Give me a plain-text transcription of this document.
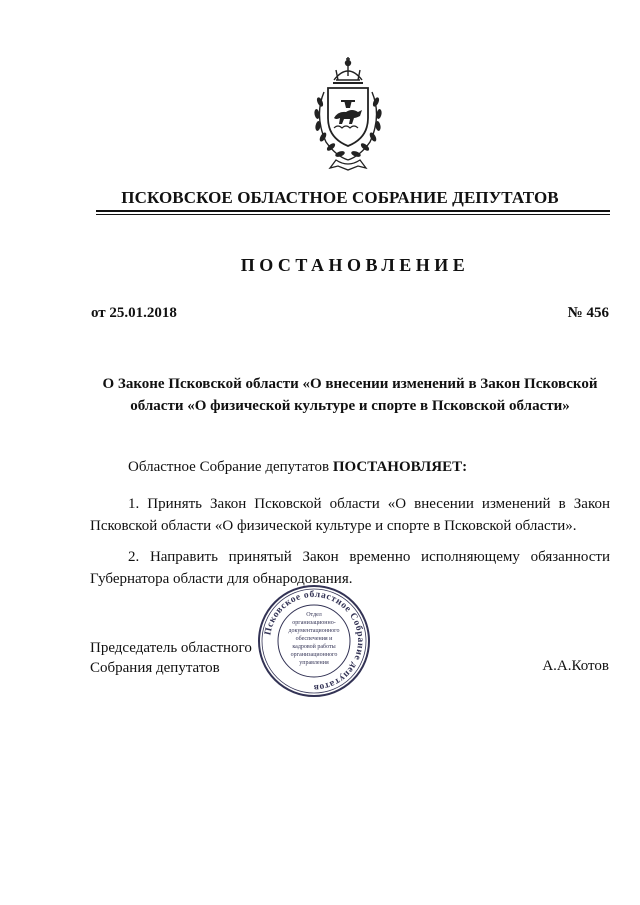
ПСКОВСКОЕ ОБЛАСТНОЕ СОБРАНИЕ ДЕПУТАТОВ
ПОСТАНОВЛЕНИЕ
от 25.01.2018	№ 456
О Законе Псковской области «О внесении изменений в Закон Псковской
области «О физической культуре и спорте в Псковской области»
Областное Собрание депутатов ПОСТАНОВЛЯЕТ:
1. Принять Закон Псковской области «О внесении изменений в Закон Псковской области «О физической культуре и спорте в Псковской области».
2. Направить принятый Закон временно исполняющему обязанности Губернатора области для обнародования.
Председатель областного
Собрания депутатов	А.А.Котов
Псковское областное Собрание депутатов
Отдел
организационно-
документационного
обеспечения и
кадровой работы
организационного
управления
